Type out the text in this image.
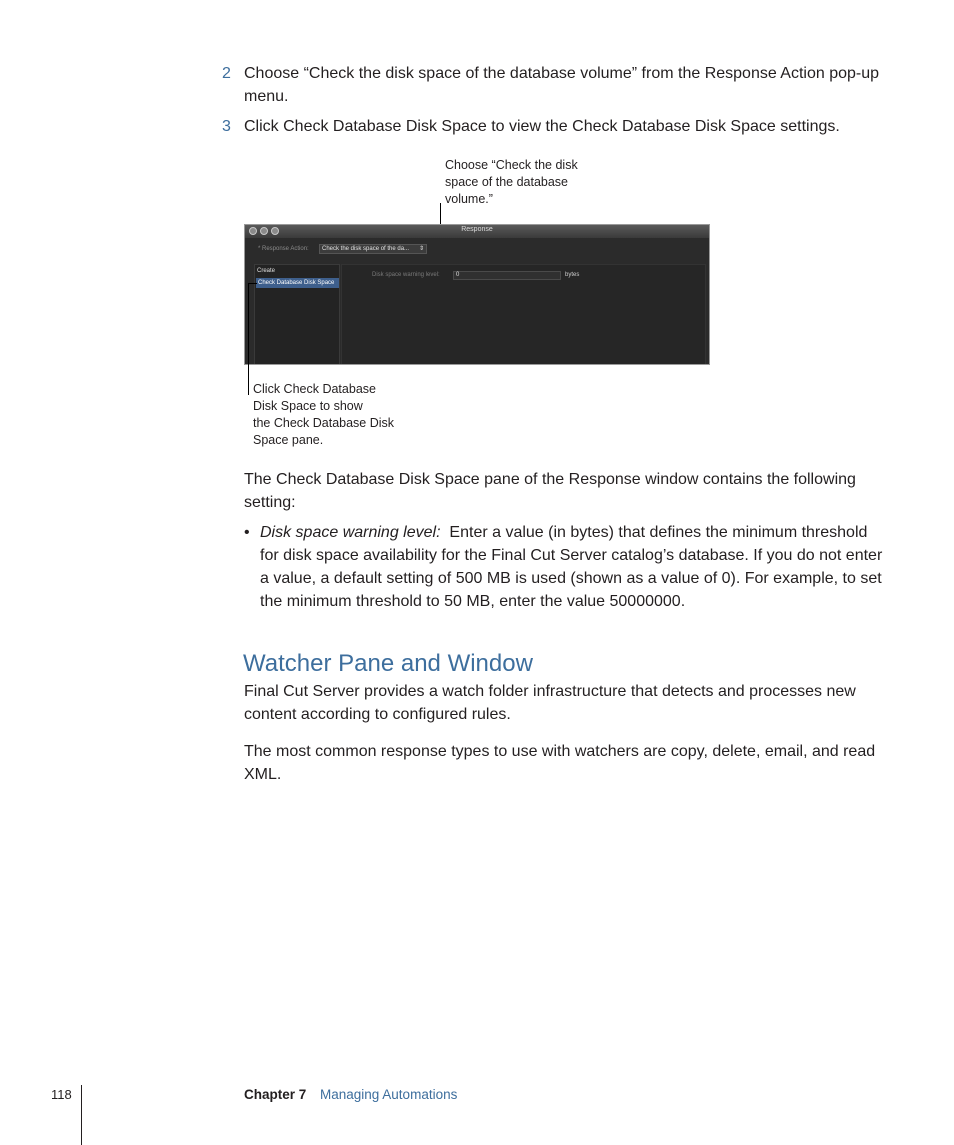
2 Choose “Check the disk space of the database volume” from the Response Action pop-up menu.
3 Click Check Database Disk Space to view the Check Database Disk Space settings.
Choose “Check the disk
space of the database
volume.”
Response
* Response Action:	Check the disk space of the da... ⇕
Create
Check Database Disk Space
Disk space warning level:	0	bytes
Click Check Database
Disk Space to show
the Check Database Disk
Space pane.
The Check Database Disk Space pane of the Response window contains the following setting:
• Disk space warning level: Enter a value (in bytes) that defines the minimum threshold
for disk space availability for the Final Cut Server catalog’s database. If you do not enter
a value, a default setting of 500 MB is used (shown as a value of 0). For example, to set
the minimum threshold to 50 MB, enter the value 50000000.
Watcher Pane and Window
Final Cut Server provides a watch folder infrastructure that detects and processes new content according to configured rules.
The most common response types to use with watchers are copy, delete, email, and read XML.
118	Chapter 7 Managing Automations
